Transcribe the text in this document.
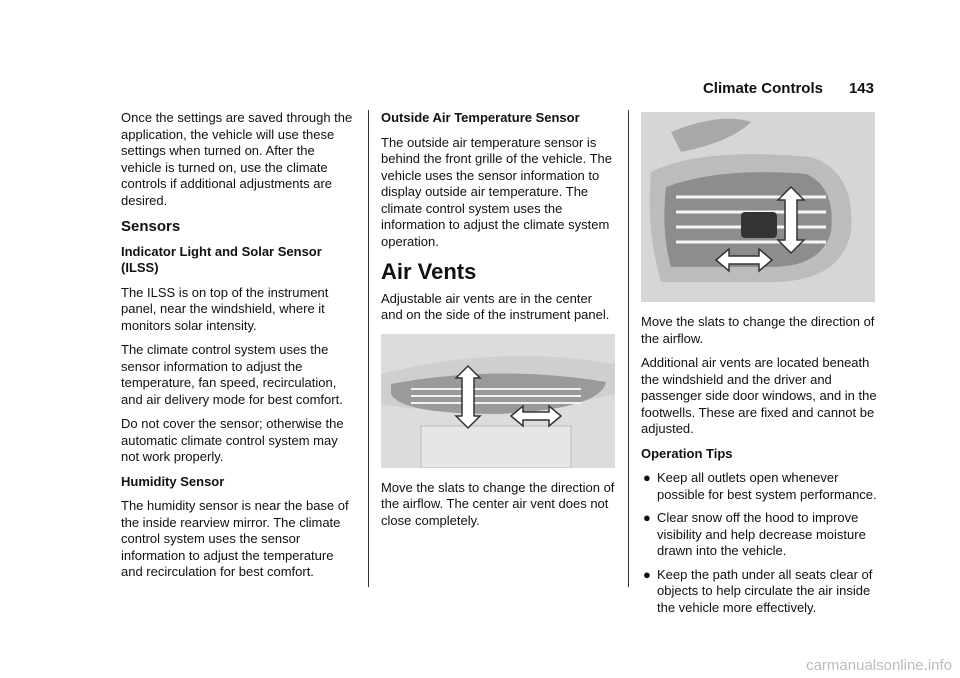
Climate Controls 143

Once the settings are saved through the application, the vehicle will use these settings when turned on. After the vehicle is turned on, use the climate controls if additional adjustments are desired.

Sensors

Indicator Light and Solar Sensor (ILSS)

The ILSS is on top of the instrument panel, near the windshield, where it monitors solar intensity.

The climate control system uses the sensor information to adjust the temperature, fan speed, recirculation, and air delivery mode for best comfort.

Do not cover the sensor; otherwise the automatic climate control system may not work properly.

Humidity Sensor

The humidity sensor is near the base of the inside rearview mirror. The climate control system uses the sensor information to adjust the temperature and recirculation for best comfort.

Outside Air Temperature Sensor

The outside air temperature sensor is behind the front grille of the vehicle. The vehicle uses the sensor information to display outside air temperature. The climate control system uses the information to adjust the climate system operation.

Air Vents

Adjustable air vents are in the center and on the side of the instrument panel.

Move the slats to change the direction of the airflow. The center air vent does not close completely.

Move the slats to change the direction of the airflow.

Additional air vents are located beneath the windshield and the driver and passenger side door windows, and in the footwells. These are fixed and cannot be adjusted.

Operation Tips

● Keep all outlets open whenever possible for best system performance.
● Clear snow off the hood to improve visibility and help decrease moisture drawn into the vehicle.
● Keep the path under all seats clear of objects to help circulate the air inside the vehicle more effectively.
carmanualsonline.info
